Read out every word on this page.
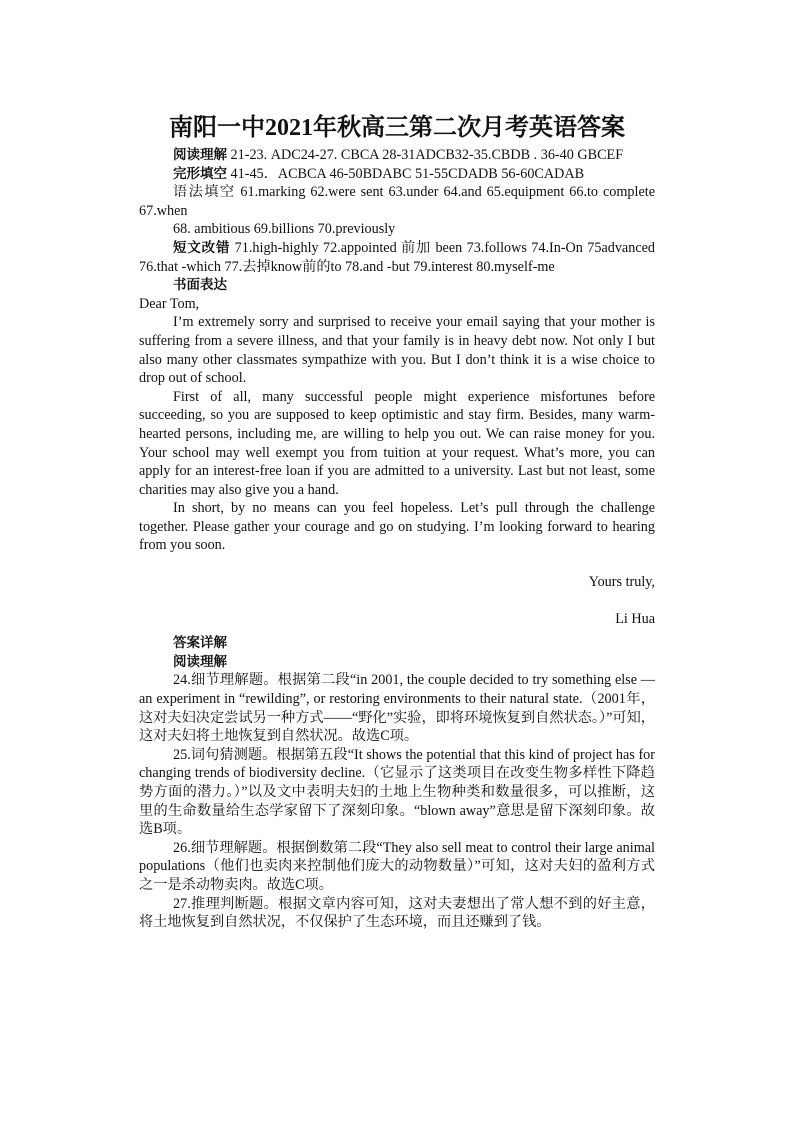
南阳一中2021年秋高三第二次月考英语答案

阅读理解 21-23. ADC24-27. CBCA 28-31ADCB32-35.CBDB . 36-40 GBCEF

完形填空 41-45．ACBCA 46-50BDABC 51-55CDADB 56-60CADAB

语法填空 61.marking 62.were sent 63.under 64.and 65.equipment 66.to complete 67.when

68. ambitious 69.billions 70.previously

短文改错 71.high-highly 72.appointed 前加 been 73.follows 74.In-On 75advanced 76.that -which 77.去掉know前的to 78.and -but 79.interest 80.myself-me

书面表达

Dear Tom,

I’m extremely sorry and surprised to receive your email saying that your mother is suffering from a severe illness, and that your family is in heavy debt now. Not only I but also many other classmates sympathize with you. But I don’t think it is a wise choice to drop out of school.

First of all, many successful people might experience misfortunes before succeeding, so you are supposed to keep optimistic and stay firm. Besides, many warm-hearted persons, including me, are willing to help you out. We can raise money for you. Your school may well exempt you from tuition at your request. What’s more, you can apply for an interest-free loan if you are admitted to a university. Last but not least, some charities may also give you a hand.

In short, by no means can you feel hopeless. Let’s pull through the challenge together. Please gather your courage and go on studying. I’m looking forward to hearing from you soon.

Yours truly,

Li Hua

答案详解
阅读理解

24.细节理解题。根据第二段“in 2001, the couple decided to try something else — an experiment in “rewilding”, or restoring environments to their natural state.（2001年，这对夫妇决定尝试另一种方式——“野化”实验，即将环境恢复到自然状态。）”可知，这对夫妇将土地恢复到自然状况。故选C项。

25.词句猜测题。根据第五段“It shows the potential that this kind of project has for changing trends of biodiversity decline.（它显示了这类项目在改变生物多样性下降趋势方面的潜力。）”以及文中表明夫妇的土地上生物种类和数量很多，可以推断，这里的生命数量给生态学家留下了深刻印象。“blown away”意思是留下深刻印象。故选B项。

26.细节理解题。根据倒数第二段“They also sell meat to control their large animal populations（他们也卖肉来控制他们庞大的动物数量）”可知，这对夫妇的盈利方式之一是杀动物卖肉。故选C项。

27.推理判断题。根据文章内容可知，这对夫妻想出了常人想不到的好主意，将土地恢复到自然状况，不仅保护了生态环境，而且还赚到了钱。
